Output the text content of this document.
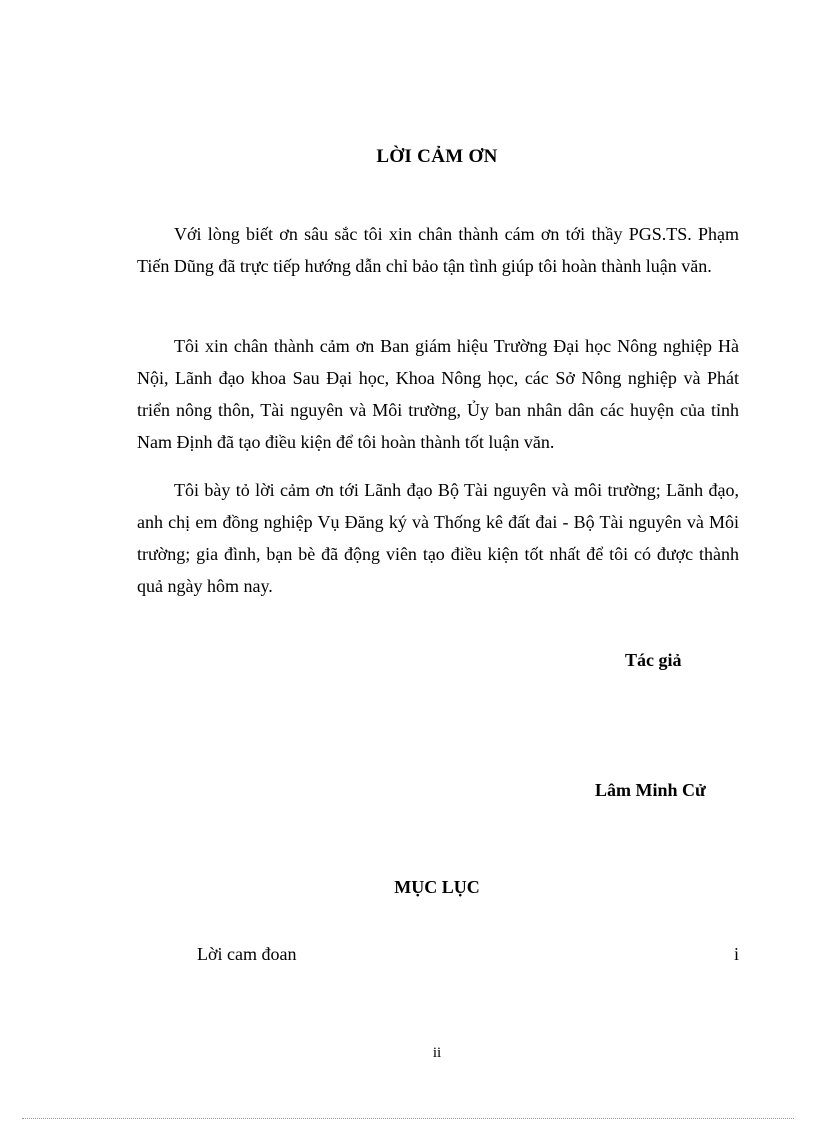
LỜI CẢM ƠN

Với lòng biết ơn sâu sắc tôi xin chân thành cám ơn tới thầy PGS.TS. Phạm Tiến Dũng đã trực tiếp hướng dẫn chỉ bảo tận tình giúp tôi hoàn thành luận văn.

Tôi xin chân thành cảm ơn Ban giám hiệu Trường Đại học Nông nghiệp Hà Nội, Lãnh đạo khoa Sau Đại học, Khoa Nông học, các Sở Nông nghiệp và Phát triển nông thôn, Tài nguyên và Môi trường, Ủy ban nhân dân các huyện của tỉnh Nam Định đã tạo điều kiện để tôi hoàn thành tốt luận văn.

Tôi bày tỏ lời cảm ơn tới Lãnh đạo Bộ Tài nguyên và môi trường; Lãnh đạo, anh chị em đồng nghiệp Vụ Đăng ký và Thống kê đất đai - Bộ Tài nguyên và Môi trường; gia đình, bạn bè đã động viên tạo điều kiện tốt nhất để tôi có được thành quả ngày hôm nay.

Tác giả
Lâm Minh Cử
MỤC LỤC
Lời cam đoan	i
ii
